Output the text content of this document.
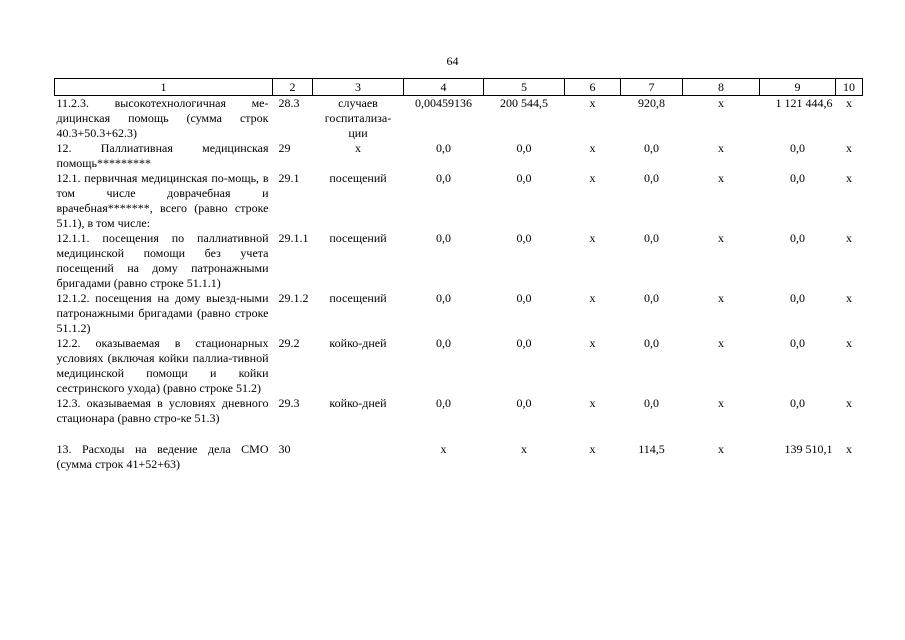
64
1	2	3	4	5	6	7	8	9	10
11.2.3. высокотехнологичная ме-дицинская помощь (сумма строк 40.3+50.3+62.3)	28.3	случаев госпитализа-ции	0,00459136	200 544,5	х	920,8	х	1 121 444,6	х
12. Паллиативная медицинская помощь*********	29	х	0,0	0,0	х	0,0	х	0,0	х
12.1. первичная медицинская по-мощь, в том числе доврачебная и врачебная*******, всего (равно строке 51.1), в том числе:	29.1	посещений	0,0	0,0	х	0,0	х	0,0	х
12.1.1. посещения по паллиативной медицинской помощи без учета посещений на дому патронажными бригадами (равно строке 51.1.1)	29.1.1	посещений	0,0	0,0	х	0,0	х	0,0	х
12.1.2. посещения на дому выезд-ными патронажными бригадами (равно строке 51.1.2)	29.1.2	посещений	0,0	0,0	х	0,0	х	0,0	х
12.2. оказываемая в стационарных условиях (включая койки паллиа-тивной медицинской помощи и койки сестринского ухода) (равно строке 51.2)	29.2	койко-дней	0,0	0,0	х	0,0	х	0,0	х
12.3. оказываемая в условиях дневного стационара (равно стро-ке 51.3)	29.3	койко-дней	0,0	0,0	х	0,0	х	0,0	х

13. Расходы на ведение дела СМО (сумма строк 41+52+63)	30		х	х	х	114,5	х	139 510,1	х
